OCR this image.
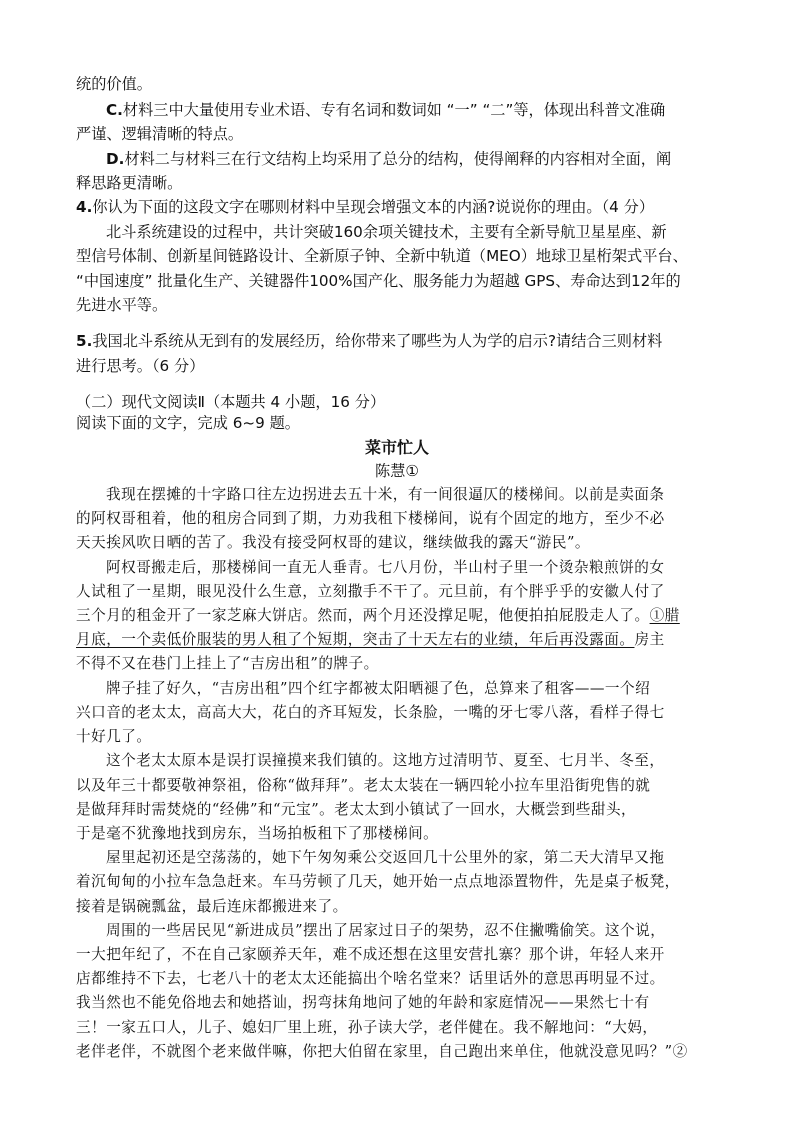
统的价值。
C.材料三中大量使用专业术语、专有名词和数词如 “一” “二”等，体现出科普文准确
严谨、逻辑清晰的特点。
D.材料二与材料三在行文结构上均采用了总分的结构，使得阐释的内容相对全面，阐
释思路更清晰。
4.你认为下面的这段文字在哪则材料中呈现会增强文本的内涵?说说你的理由。（4 分）
北斗系统建设的过程中，共计突破160余项关键技术，主要有全新导航卫星星座、新
型信号体制、创新星间链路设计、全新原子钟、全新中轨道（MEO）地球卫星桁架式平台、
“中国速度” 批量化生产、关键器件100%国产化、服务能力为超越 GPS、寿命达到12年的
先进水平等。
5.我国北斗系统从无到有的发展经历，给你带来了哪些为人为学的启示?请结合三则材料
进行思考。（6 分）
（二）现代文阅读Ⅱ（本题共 4 小题，16 分）
阅读下面的文字，完成 6~9 题。
菜市忙人
陈慧①
我现在摆摊的十字路口往左边拐进去五十米，有一间很逼仄的楼梯间。以前是卖面条
的阿权哥租着，他的租房合同到了期，力劝我租下楼梯间，说有个固定的地方，至少不必
天天挨风吹日晒的苦了。我没有接受阿权哥的建议，继续做我的露天“游民”。
阿权哥搬走后，那楼梯间一直无人垂青。七八月份，半山村子里一个烫杂粮煎饼的女
人试租了一星期，眼见没什么生意，立刻撒手不干了。元旦前，有个胖乎乎的安徽人付了
三个月的租金开了一家芝麻大饼店。然而，两个月还没撑足呢，他便拍拍屁股走人了。①腊
月底，一个卖低价服装的男人租了个短期，突击了十天左右的业绩，年后再没露面。房主
不得不又在巷门上挂上了“吉房出租”的牌子。
牌子挂了好久，“吉房出租”四个红字都被太阳晒褪了色，总算来了租客——一个绍
兴口音的老太太，高高大大，花白的齐耳短发，长条脸，一嘴的牙七零八落，看样子得七
十好几了。
这个老太太原本是误打误撞摸来我们镇的。这地方过清明节、夏至、七月半、冬至，
以及年三十都要敬神祭祖，俗称“做拜拜”。老太太装在一辆四轮小拉车里沿街兜售的就
是做拜拜时需焚烧的“经佛”和“元宝”。老太太到小镇试了一回水，大概尝到些甜头，
于是毫不犹豫地找到房东，当场拍板租下了那楼梯间。
屋里起初还是空荡荡的，她下午匆匆乘公交返回几十公里外的家，第二天大清早又拖
着沉甸甸的小拉车急急赶来。车马劳顿了几天，她开始一点点地添置物件，先是桌子板凳，
接着是锅碗瓢盆，最后连床都搬进来了。
周围的一些居民见“新进成员”摆出了居家过日子的架势，忍不住撇嘴偷笑。这个说，
一大把年纪了，不在自己家颐养天年，难不成还想在这里安营扎寨？那个讲，年轻人来开
店都维持不下去，七老八十的老太太还能搞出个啥名堂来？话里话外的意思再明显不过。
我当然也不能免俗地去和她搭讪，拐弯抹角地问了她的年龄和家庭情况——果然七十有
三！一家五口人，儿子、媳妇厂里上班，孙子读大学，老伴健在。我不解地问：“大妈，
老伴老伴，不就图个老来做伴嘛，你把大伯留在家里，自己跑出来单住，他就没意见吗？”②
